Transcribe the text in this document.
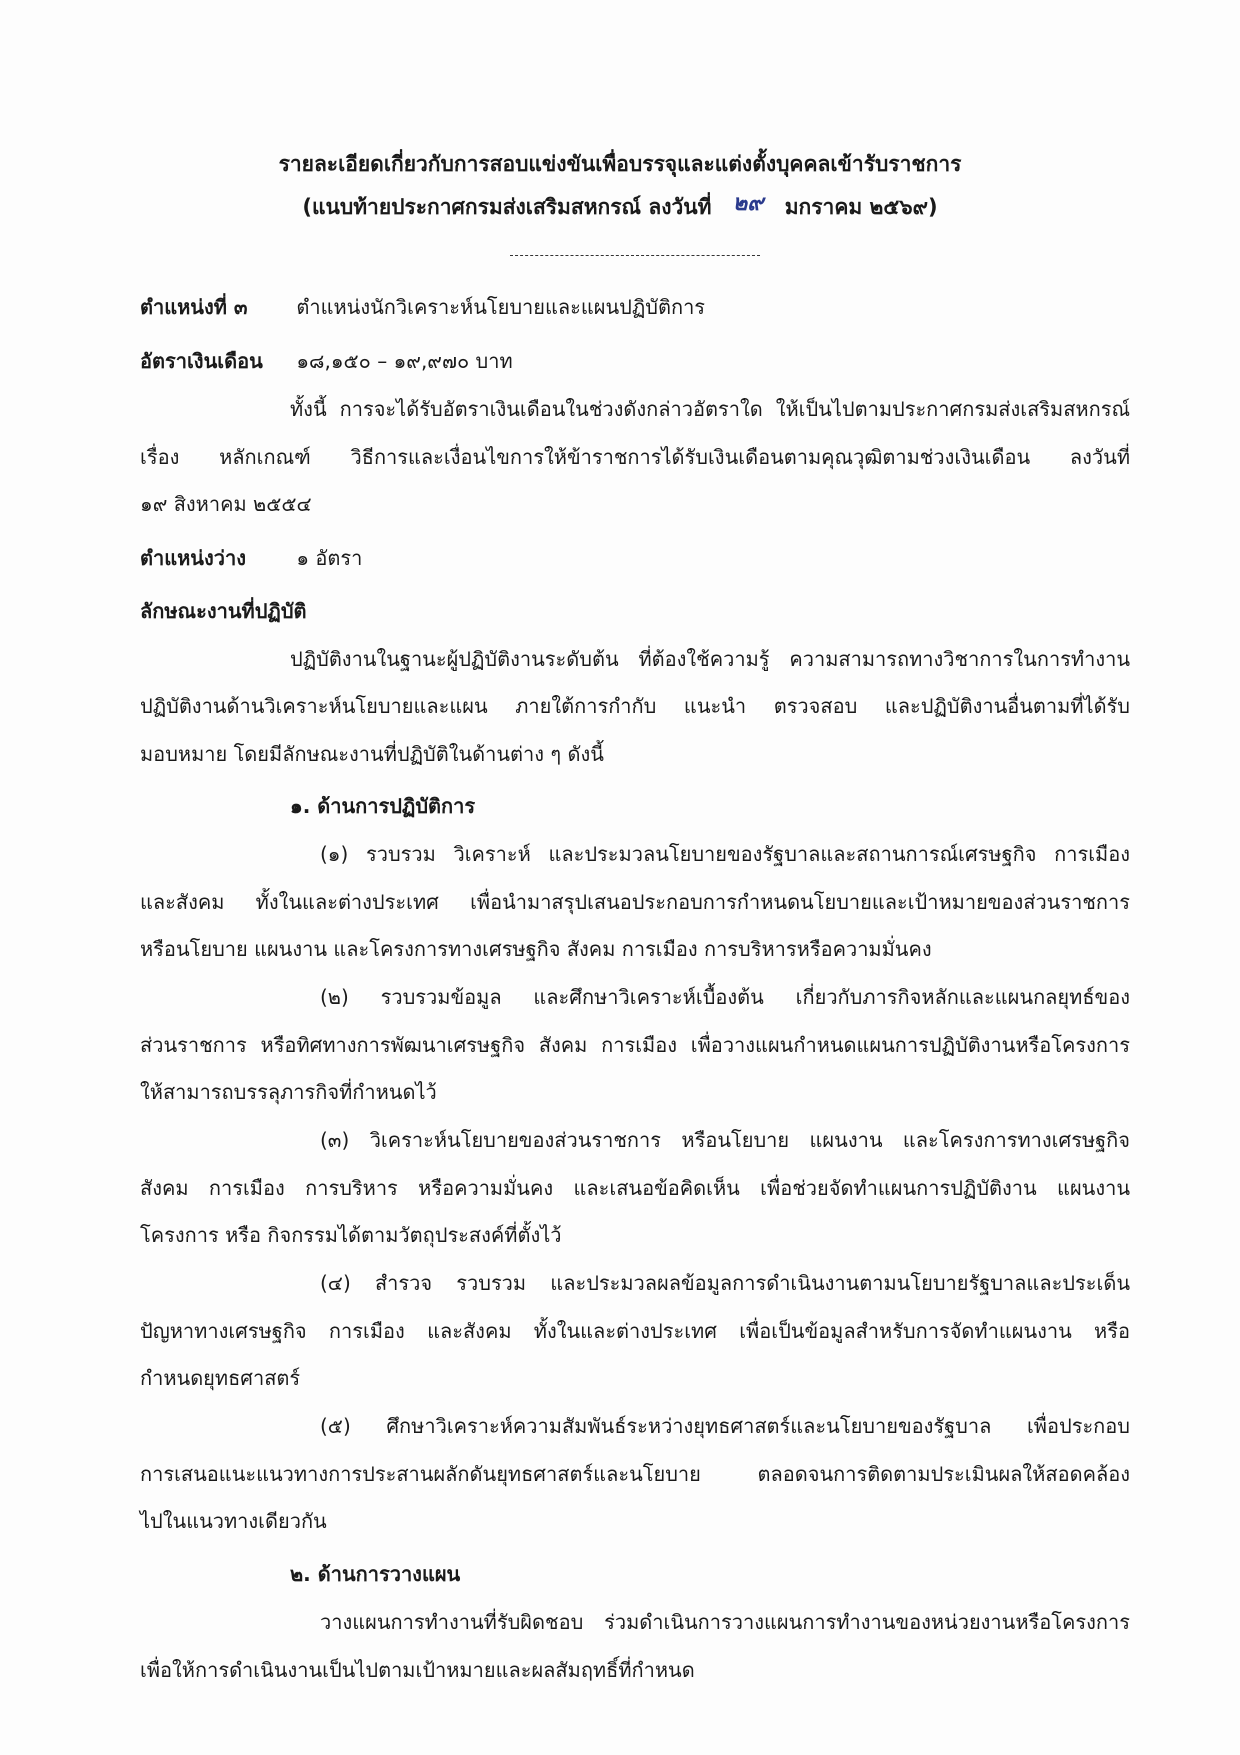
รายละเอียดเกี่ยวกับการสอบแข่งขันเพื่อบรรจุและแต่งตั้งบุคคลเข้ารับราชการ
(แนบท้ายประกาศกรมส่งเสริมสหกรณ์ ลงวันที่ ๒๙ มกราคม ๒๕๖๙)
ตำแหน่งที่ ๓ ตำแหน่งนักวิเคราะห์นโยบายและแผนปฏิบัติการ
อัตราเงินเดือน ๑๘,๑๕๐ – ๑๙,๙๗๐ บาท
ทั้งนี้ การจะได้รับอัตราเงินเดือนในช่วงดังกล่าวอัตราใด ให้เป็นไปตามประกาศกรมส่งเสริมสหกรณ์
เรื่อง หลักเกณฑ์ วิธีการและเงื่อนไขการให้ข้าราชการได้รับเงินเดือนตามคุณวุฒิตามช่วงเงินเดือน ลงวันที่
๑๙ สิงหาคม ๒๕๕๔
ตำแหน่งว่าง	๑ อัตรา
ลักษณะงานที่ปฏิบัติ
ปฏิบัติงานในฐานะผู้ปฏิบัติงานระดับต้น ที่ต้องใช้ความรู้ ความสามารถทางวิชาการในการทำงาน
ปฏิบัติงานด้านวิเคราะห์นโยบายและแผน ภายใต้การกำกับ แนะนำ ตรวจสอบ และปฏิบัติงานอื่นตามที่ได้รับ
มอบหมาย โดยมีลักษณะงานที่ปฏิบัติในด้านต่าง ๆ ดังนี้
๑. ด้านการปฏิบัติการ
(๑) รวบรวม วิเคราะห์ และประมวลนโยบายของรัฐบาลและสถานการณ์เศรษฐกิจ การเมือง
และสังคม ทั้งในและต่างประเทศ เพื่อนำมาสรุปเสนอประกอบการกำหนดนโยบายและเป้าหมายของส่วนราชการ
หรือนโยบาย แผนงาน และโครงการทางเศรษฐกิจ สังคม การเมือง การบริหารหรือความมั่นคง
(๒) รวบรวมข้อมูล และศึกษาวิเคราะห์เบื้องต้น เกี่ยวกับภารกิจหลักและแผนกลยุทธ์ของ
ส่วนราชการ หรือทิศทางการพัฒนาเศรษฐกิจ สังคม การเมือง เพื่อวางแผนกำหนดแผนการปฏิบัติงานหรือโครงการ
ให้สามารถบรรลุภารกิจที่กำหนดไว้
(๓) วิเคราะห์นโยบายของส่วนราชการ หรือนโยบาย แผนงาน และโครงการทางเศรษฐกิจ
สังคม การเมือง การบริหาร หรือความมั่นคง และเสนอข้อคิดเห็น เพื่อช่วยจัดทำแผนการปฏิบัติงาน แผนงาน
โครงการ หรือ กิจกรรมได้ตามวัตถุประสงค์ที่ตั้งไว้
(๔) สำรวจ รวบรวม และประมวลผลข้อมูลการดำเนินงานตามนโยบายรัฐบาลและประเด็น
ปัญหาทางเศรษฐกิจ การเมือง และสังคม ทั้งในและต่างประเทศ เพื่อเป็นข้อมูลสำหรับการจัดทำแผนงาน หรือ
กำหนดยุทธศาสตร์
(๕) ศึกษาวิเคราะห์ความสัมพันธ์ระหว่างยุทธศาสตร์และนโยบายของรัฐบาล เพื่อประกอบ
การเสนอแนะแนวทางการประสานผลักดันยุทธศาสตร์และนโยบาย ตลอดจนการติดตามประเมินผลให้สอดคล้อง
ไปในแนวทางเดียวกัน
๒. ด้านการวางแผน
วางแผนการทำงานที่รับผิดชอบ ร่วมดำเนินการวางแผนการทำงานของหน่วยงานหรือโครงการ
เพื่อให้การดำเนินงานเป็นไปตามเป้าหมายและผลสัมฤทธิ์ที่กำหนด
